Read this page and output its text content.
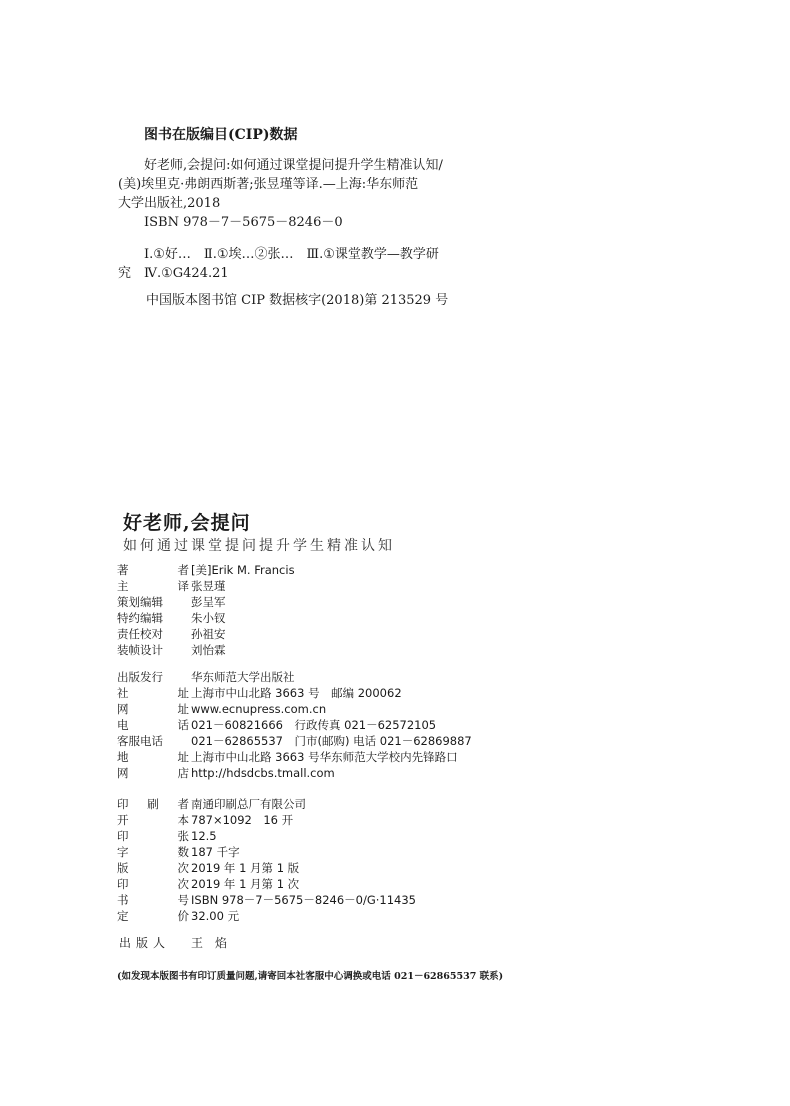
图书在版编目(CIP)数据

好老师,会提问:如何通过课堂提问提升学生精准认知/

(美)埃里克·弗朗西斯著;张昱瑾等译.—上海:华东师范

大学出版社,2018

ISBN 978－7－5675－8246－0

Ⅰ.①好…　Ⅱ.①埃…②张…　Ⅲ.①课堂教学—教学研

究　Ⅳ.①G424.21

中国版本图书馆 CIP 数据核字(2018)第 213529 号
好老师,会提问
如何通过课堂提问提升学生精准认知
著	者 [美]Erik M. Francis
主	译 张昱瑾
策划编辑 彭呈军
特约编辑 朱小钗
责任校对 孙祖安
装帧设计 刘怡霖
出版发行 华东师范大学出版社
社	址 上海市中山北路 3663 号　邮编 200062
网	址 www.ecnupress.com.cn
电	话 021－60821666　行政传真 021－62572105
客服电话 021－62865537　门市(邮购) 电话 021－62869887
地	址 上海市中山北路 3663 号华东师范大学校内先锋路口
网	店 http://hdsdcbs.tmall.com
印 刷 者 南通印刷总厂有限公司
开	本 787×1092　16 开
印	张 12.5
字	数 187 千字
版	次 2019 年 1 月第 1 版
印	次 2019 年 1 月第 1 次
书	号 ISBN 978－7－5675－8246－0/G·11435
定	价 32.00 元
出版人	王　焰
(如发现本版图书有印订质量问题,请寄回本社客服中心调换或电话 021－62865537 联系)
